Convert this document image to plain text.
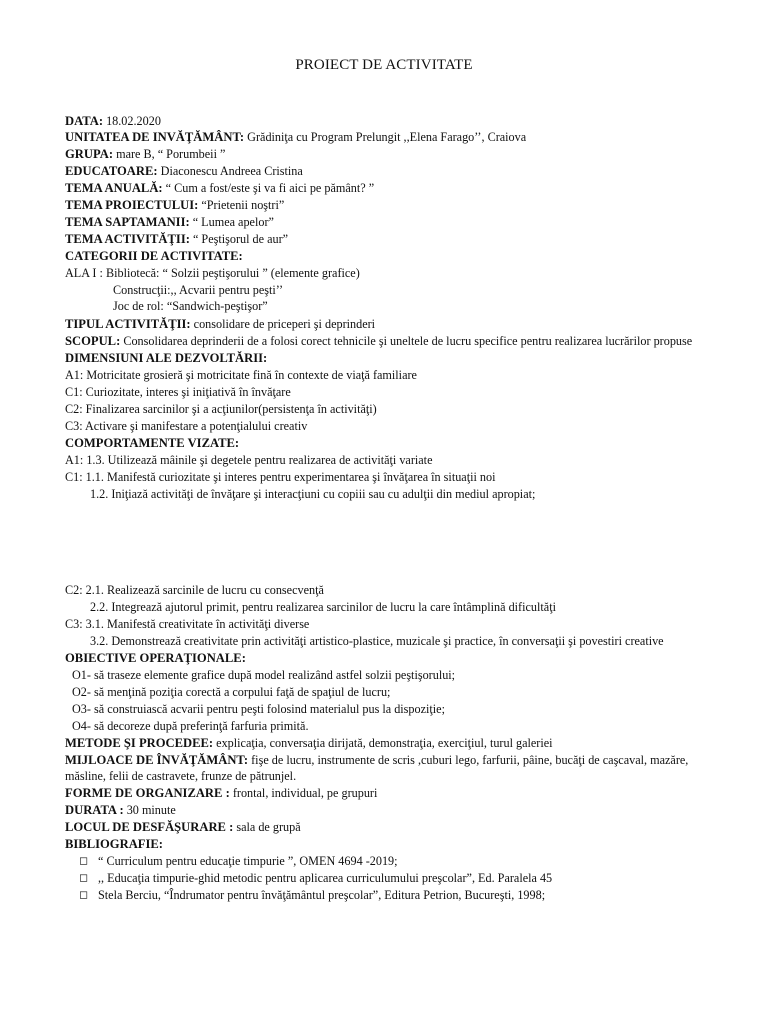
PROIECT DE ACTIVITATE
DATA: 18.02.2020
UNITATEA DE INVĂŢĂMÂNT: Grădiniţa cu Program Prelungit ,,Elena Farago’’, Craiova
GRUPA: mare B, “ Porumbeii ”
EDUCATOARE: Diaconescu Andreea Cristina
TEMA ANUALĂ: “ Cum a fost/este şi va fi aici pe pământ? ”
TEMA PROIECTULUI: “Prietenii noştri”
TEMA SAPTAMANII: “ Lumea apelor”
TEMA ACTIVITĂŢII: “ Peştişorul de aur”
CATEGORII DE ACTIVITATE:
ALA I : Bibliotecă: “ Solzii peştişorului ” (elemente grafice)
Construcţii:,, Acvarii pentru peşti’’
Joc de rol: “Sandwich-peştişor”
TIPUL ACTIVITĂŢII: consolidare de priceperi şi deprinderi
SCOPUL: Consolidarea deprinderii de a folosi corect tehnicile şi uneltele de lucru specifice pentru realizarea lucrărilor propuse
DIMENSIUNI ALE DEZVOLTĂRII:
A1: Motricitate grosieră şi motricitate fină în contexte de viaţă familiare
C1: Curiozitate, interes şi iniţiativă în învăţare
C2: Finalizarea sarcinilor şi a acţiunilor(persistenţa în activităţi)
C3: Activare şi manifestare a potenţialului creativ
COMPORTAMENTE VIZATE:
A1: 1.3. Utilizează mâinile şi degetele pentru realizarea de activităţi variate
C1: 1.1. Manifestă curiozitate şi interes pentru experimentarea şi învăţarea în situaţii noi
1.2. Iniţiază activităţi de învăţare şi interacţiuni cu copiii sau cu adulţii din mediul apropiat;
C2: 2.1. Realizează sarcinile de lucru cu consecvenţă
2.2. Integrează ajutorul primit, pentru realizarea sarcinilor de lucru la care întâmplină dificultăţi
C3: 3.1. Manifestă creativitate în activităţi diverse
3.2. Demonstrează creativitate prin activităţi artistico-plastice, muzicale şi practice, în conversaţii şi povestiri creative
OBIECTIVE OPERAŢIONALE:
O1- să traseze elemente grafice după model realizând astfel solzii peştişorului;
O2- să menţină poziţia corectă a corpului faţă de spaţiul de lucru;
O3- să construiască acvarii pentru peşti folosind materialul pus la dispoziţie;
O4- să decoreze după preferinţă farfuria primită.
METODE ŞI PROCEDEE: explicaţia, conversaţia dirijată, demonstraţia, exerciţiul, turul galeriei
MIJLOACE DE ÎNVĂŢĂMÂNT: fişe de lucru, instrumente de scris ,cuburi lego, farfurii, pâine, bucăţi de caşcaval, mazăre,
măsline, felii de castravete, frunze de pătrunjel.
FORME DE ORGANIZARE : frontal, individual, pe grupuri
DURATA : 30 minute
LOCUL DE DESFĂŞURARE : sala de grupă
BIBLIOGRAFIE:
◻ “ Curriculum pentru educaţie timpurie ”, OMEN 4694 -2019;
◻ ,, Educaţia timpurie-ghid metodic pentru aplicarea curriculumului preşcolar”, Ed. Paralela 45
◻ Stela Berciu, “Îndrumator pentru învăţământul preşcolar”, Editura Petrion, Bucureşti, 1998;
